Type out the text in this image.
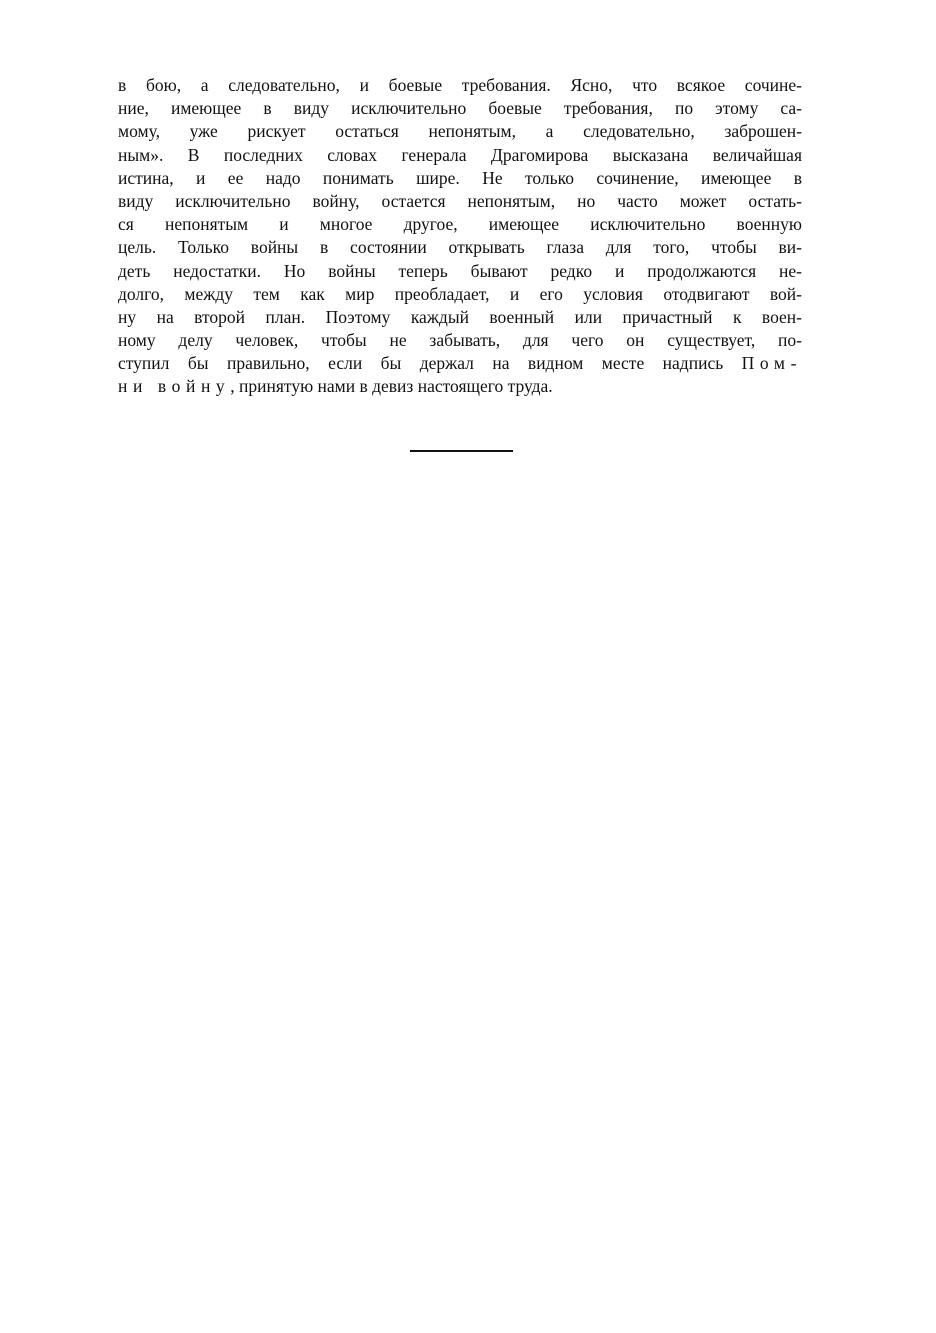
в бою, а следовательно, и боевые требования. Ясно, что всякое сочине-
ние, имеющее в виду исключительно боевые требования, по этому са-
мому, уже рискует остаться непонятым, а следовательно, заброшен-
ным». В последних словах генерала Драгомирова высказана величайшая
истина, и ее надо понимать шире. Не только сочинение, имеющее в
виду исключительно войну, остается непонятым, но часто может остать-
ся непонятым и многое другое, имеющее исключительно военную
цель. Только войны в состоянии открывать глаза для того, чтобы ви-
деть недостатки. Но войны теперь бывают редко и продолжаются не-
долго, между тем как мир преобладает, и его условия отодвигают вой-
ну на второй план. Поэтому каждый военный или причастный к воен-
ному делу человек, чтобы не забывать, для чего он существует, по-
ступил бы правильно, если бы держал на видном месте надпись Пом-
ни войну, принятую нами в девиз настоящего труда.
